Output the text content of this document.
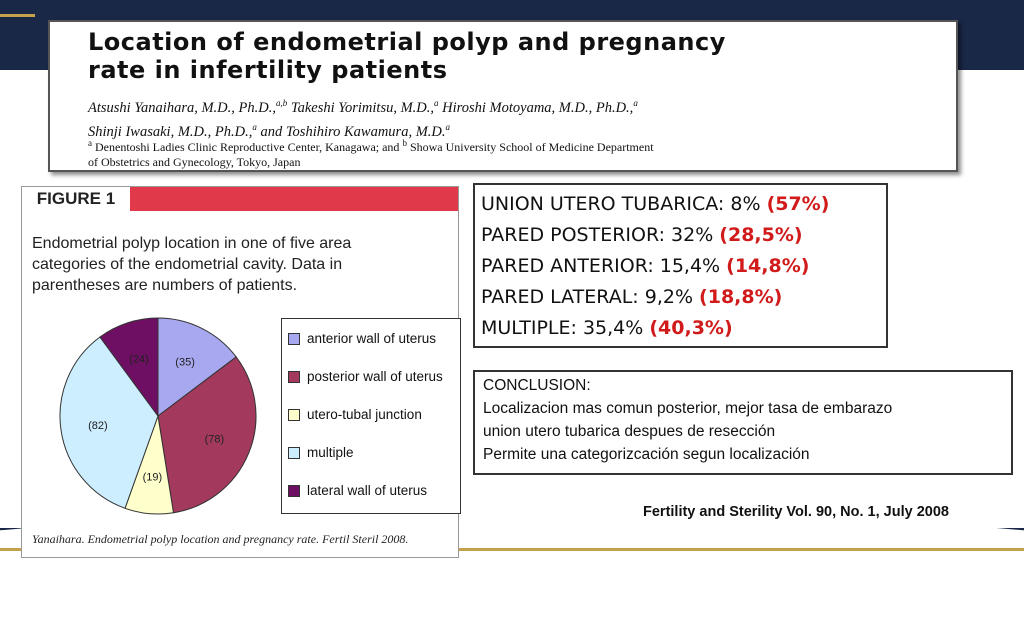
Location of endometrial polyp and pregnancy
rate in infertility patients
Atsushi Yanaihara, M.D., Ph.D.,$^{a,b}$ Takeshi Yorimitsu, M.D.,$^a$ Hiroshi Motoyama, M.D., Ph.D.,$^a$
Shinji Iwasaki, M.D., Ph.D.,$^a$ and Toshihiro Kawamura, M.D.$^a$
$^a$ Denentoshi Ladies Clinic Reproductive Center, Kanagawa; and $^b$ Showa University School of Medicine Department
of Obstetrics and Gynecology, Tokyo, Japan
FIGURE 1
Endometrial polyp location in one of five area
categories of the endometrial cavity. Data in
parentheses are numbers of patients.
(35)
(78)
(19)
(82)
(24)
anterior wall of uterus
posterior wall of uterus
utero-tubal junction
multiple
lateral wall of uterus
Yanaihara. Endometrial polyp location and pregnancy rate. Fertil Steril 2008.
UNION UTERO TUBARICA: 8% (57%)
PARED POSTERIOR: 32% (28,5%)
PARED ANTERIOR: 15,4% (14,8%)
PARED LATERAL: 9,2% (18,8%)
MULTIPLE: 35,4% (40,3%)
CONCLUSION:
Localizacion mas comun posterior, mejor tasa de embarazo
union utero tubarica despues de resección
Permite una categorizcación segun localización
Fertility and Sterility Vol. 90, No. 1, July 2008
